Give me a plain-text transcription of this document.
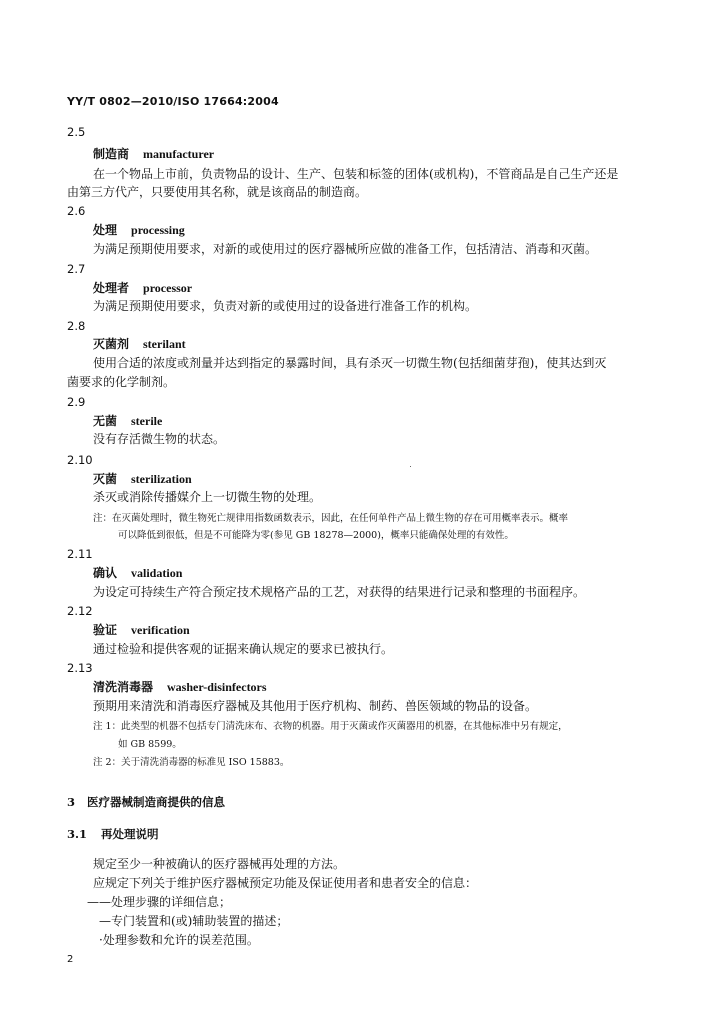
YY/T 0802—2010/ISO 17664:2004
2.5
制造商 manufacturer
在一个物品上市前，负责物品的设计、生产、包装和标签的团体(或机构)，不管商品是自己生产还是
由第三方代产，只要使用其名称，就是该商品的制造商。
2.6
处理 processing
为满足预期使用要求，对新的或使用过的医疗器械所应做的准备工作，包括清洁、消毒和灭菌。
2.7
处理者 processor
为满足预期使用要求，负责对新的或使用过的设备进行准备工作的机构。
2.8
灭菌剂 sterilant
使用合适的浓度或剂量并达到指定的暴露时间，具有杀灭一切微生物(包括细菌芽孢)，使其达到灭
菌要求的化学制剂。
2.9
无菌 sterile
没有存活微生物的状态。
2.10
灭菌 sterilization
杀灭或消除传播媒介上一切微生物的处理。
注：在灭菌处理时，微生物死亡规律用指数函数表示，因此，在任何单件产品上微生物的存在可用概率表示。概率
可以降低到很低，但是不可能降为零(参见 GB 18278—2000)，概率只能确保处理的有效性。
2.11
确认 validation
为设定可持续生产符合预定技术规格产品的工艺，对获得的结果进行记录和整理的书面程序。
2.12
验证 verification
通过检验和提供客观的证据来确认规定的要求已被执行。
2.13
清洗消毒器 washer-disinfectors
预期用来清洗和消毒医疗器械及其他用于医疗机构、制药、兽医领域的物品的设备。
注 1：此类型的机器不包括专门清洗床布、衣物的机器。用于灭菌或作灭菌器用的机器，在其他标准中另有规定，
如 GB 8599。
注 2：关于清洗消毒器的标准见 ISO 15883。
3 医疗器械制造商提供的信息
3.1 再处理说明
规定至少一种被确认的医疗器械再处理的方法。
应规定下列关于维护医疗器械预定功能及保证使用者和患者安全的信息：
——处理步骤的详细信息；
—专门装置和(或)辅助装置的描述；
·处理参数和允许的误差范围。
2
